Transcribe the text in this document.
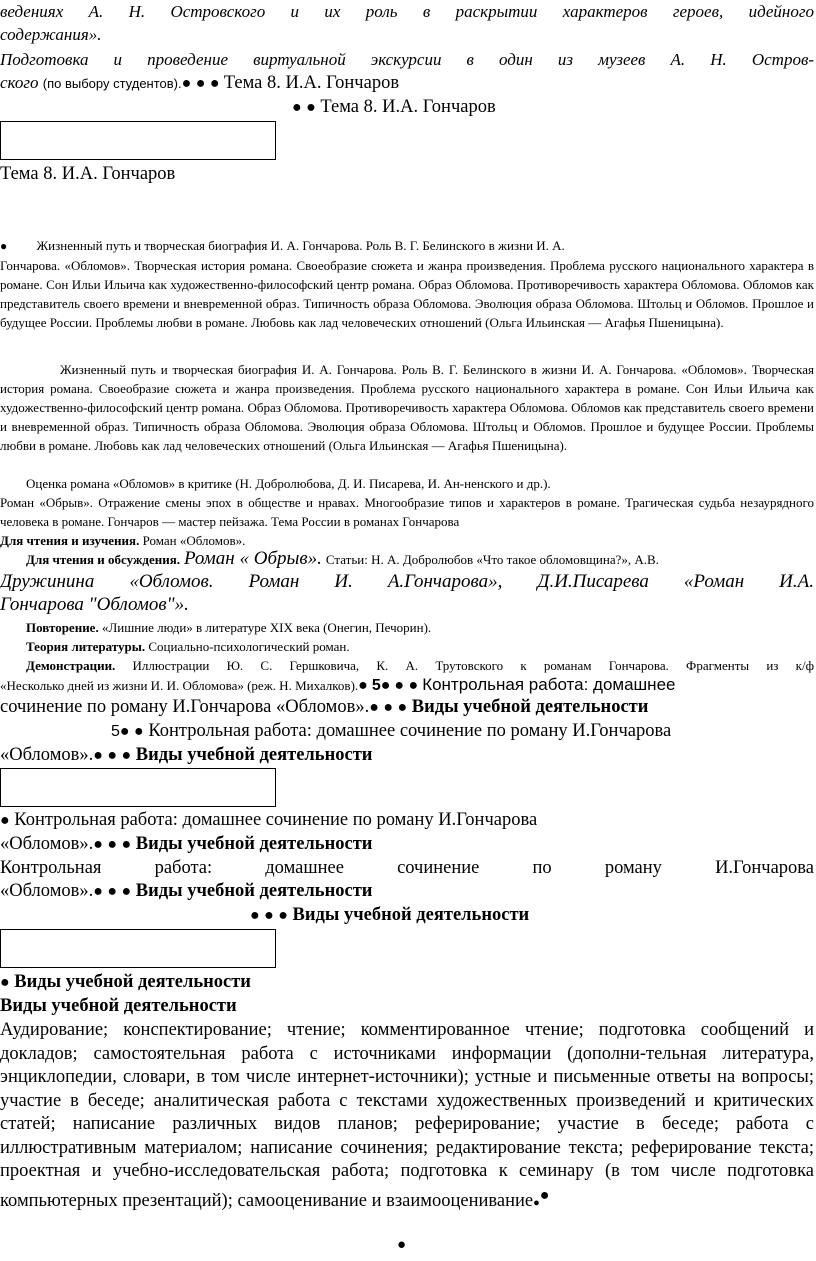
ведениях А. Н. Островского и их роль в раскрытии характеров героев, идейного

содержания».

Подготовка и проведение виртуальной экскурсии в один из музеев А. Н. Остров-

ского (по выбору студентов).● ● ● Тема 8. И.А. Гончаров

● ● Тема 8. И.А. Гончаров

Тема 8. И.А. Гончаров

● Жизненный путь и творческая биография И. А. Гончарова. Роль В. Г. Белинского в жизни И. А.

Гончарова. «Обломов». Творческая история романа. Своеобразие сюжета и жанра произведения. Проблема русского национального характера в романе. Сон Ильи Ильича как художественно-философский центр романа. Образ Обломова. Противоречивость характера Обломова. Обломов как представитель своего времени и вневременной образ. Типичность образа Обломова. Эволюция образа Обломова. Штольц и Обломов. Прошлое и будущее России. Проблемы любви в романе. Любовь как лад человеческих отношений (Ольга Ильинская — Агафья Пшеницына).

Жизненный путь и творческая биография И. А. Гончарова. Роль В. Г. Белинского в жизни И. А. Гончарова. «Обломов». Творческая история романа. Своеобразие сюжета и жанра произведения. Проблема русского национального характера в романе. Сон Ильи Ильича как художественно-философский центр романа. Образ Обломова. Противоречивость характера Обломова. Обломов как представитель своего времени и вневременной образ. Типичность образа Обломова. Эволюция образа Обломова. Штольц и Обломов. Прошлое и будущее России. Проблемы любви в романе. Любовь как лад человеческих отношений (Ольга Ильинская — Агафья Пшеницына).

Оценка романа «Обломов» в критике (Н. Добролюбова, Д. И. Писарева, И. Ан-ненского и др.).

Роман «Обрыв». Отражение смены эпох в обществе и нравах. Многообразие типов и характеров в романе. Трагическая судьба незаурядного человека в романе. Гончаров — мастер пейзажа. Тема России в романах Гончарова

Для чтения и изучения. Роман «Обломов».

Для чтения и обсуждения. Роман « Обрыв». Статьи: Н. А. Добролюбов «Что такое обломовщина?», А.В.

Дружинина «Обломов. Роман И. А.Гончарова», Д.И.Писарева «Роман И.А.

Гончарова "Обломов"».

Повторение. «Лишние люди» в литературе XIX века (Онегин, Печорин).

Теория литературы. Социально-психологический роман.

Демонстрации. Иллюстрации Ю. С. Гершковича, К. А. Трутовского к романам Гончарова. Фрагменты из к/ф

«Несколько дней из жизни И. И. Обломова» (реж. Н. Михалков).● 5● ● ● Контрольная работа: домашнее

сочинение по роману И.Гончарова «Обломов».● ● ● Виды учебной деятельности

5● ● Контрольная работа: домашнее сочинение по роману И.Гончарова

«Обломов».● ● ● Виды учебной деятельности

● Контрольная работа: домашнее сочинение по роману И.Гончарова

«Обломов».● ● ● Виды учебной деятельности

Контрольная	работа:	домашнее	сочинение	по	роману	И.Гончарова

«Обломов».● ● ● Виды учебной деятельности

● ● ● Виды учебной деятельности

● Виды учебной деятельности

Виды учебной деятельности

Аудирование; конспектирование; чтение; комментированное чтение; подготовка сообщений и докладов; самостоятельная работа с источниками информации (дополни-тельная литература, энциклопедии, словари, в том числе интернет-источники); устные и письменные ответы на вопросы; участие в беседе; аналитическая работа с текстами художественных произведений и критических статей; написание различных видов планов; реферирование; участие в беседе; работа с иллюстративным материалом; написание сочинения; редактирование текста; реферирование текста; проектная и учебно-исследовательская работа; подготовка к семинару (в том числе подготовка компьютерных презентаций); самооценивание и взаимооценивание●●

●
